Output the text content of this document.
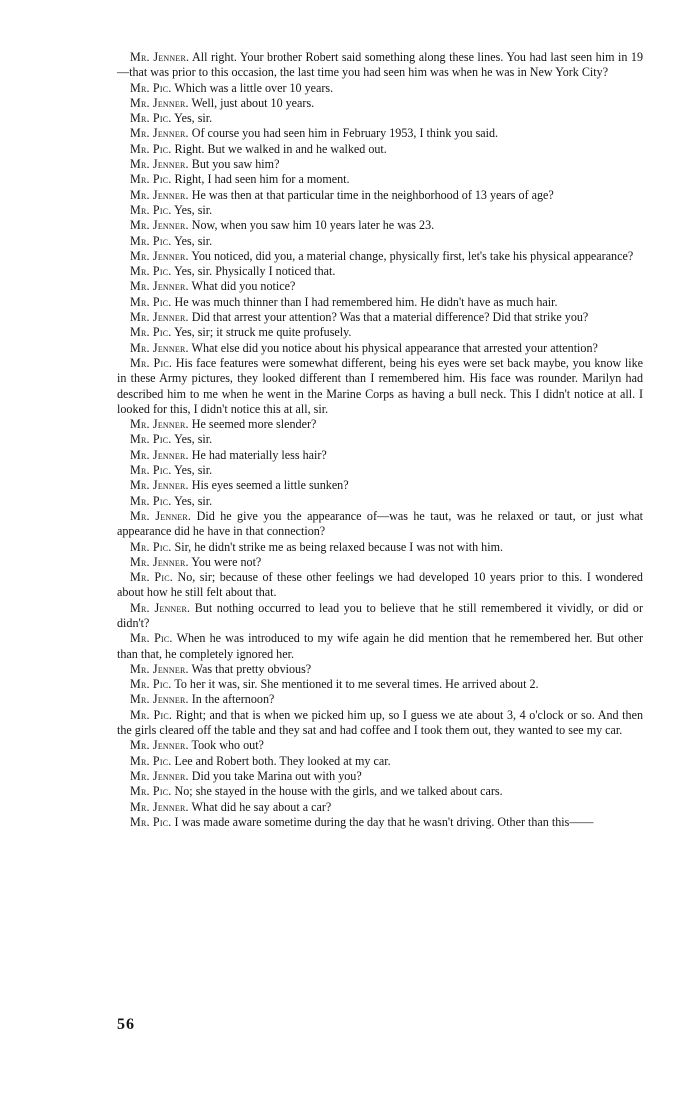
Mr. Jenner. All right. Your brother Robert said something along these lines. You had last seen him in 19—that was prior to this occasion, the last time you had seen him was when he was in New York City?

Mr. Pic. Which was a little over 10 years.

Mr. Jenner. Well, just about 10 years.

Mr. Pic. Yes, sir.

Mr. Jenner. Of course you had seen him in February 1953, I think you said.

Mr. Pic. Right. But we walked in and he walked out.

Mr. Jenner. But you saw him?

Mr. Pic. Right, I had seen him for a moment.

Mr. Jenner. He was then at that particular time in the neighborhood of 13 years of age?

Mr. Pic. Yes, sir.

Mr. Jenner. Now, when you saw him 10 years later he was 23.

Mr. Pic. Yes, sir.

Mr. Jenner. You noticed, did you, a material change, physically first, let's take his physical appearance?

Mr. Pic. Yes, sir. Physically I noticed that.

Mr. Jenner. What did you notice?

Mr. Pic. He was much thinner than I had remembered him. He didn't have as much hair.

Mr. Jenner. Did that arrest your attention? Was that a material difference? Did that strike you?

Mr. Pic. Yes, sir; it struck me quite profusely.

Mr. Jenner. What else did you notice about his physical appearance that arrested your attention?

Mr. Pic. His face features were somewhat different, being his eyes were set back maybe, you know like in these Army pictures, they looked different than I remembered him. His face was rounder. Marilyn had described him to me when he went in the Marine Corps as having a bull neck. This I didn't notice at all. I looked for this, I didn't notice this at all, sir.

Mr. Jenner. He seemed more slender?

Mr. Pic. Yes, sir.

Mr. Jenner. He had materially less hair?

Mr. Pic. Yes, sir.

Mr. Jenner. His eyes seemed a little sunken?

Mr. Pic. Yes, sir.

Mr. Jenner. Did he give you the appearance of—was he taut, was he relaxed or taut, or just what appearance did he have in that connection?

Mr. Pic. Sir, he didn't strike me as being relaxed because I was not with him.

Mr. Jenner. You were not?

Mr. Pic. No, sir; because of these other feelings we had developed 10 years prior to this. I wondered about how he still felt about that.

Mr. Jenner. But nothing occurred to lead you to believe that he still remembered it vividly, or did or didn't?

Mr. Pic. When he was introduced to my wife again he did mention that he remembered her. But other than that, he completely ignored her.

Mr. Jenner. Was that pretty obvious?

Mr. Pic. To her it was, sir. She mentioned it to me several times. He arrived about 2.

Mr. Jenner. In the afternoon?

Mr. Pic. Right; and that is when we picked him up, so I guess we ate about 3, 4 o'clock or so. And then the girls cleared off the table and they sat and had coffee and I took them out, they wanted to see my car.

Mr. Jenner. Took who out?

Mr. Pic. Lee and Robert both. They looked at my car.

Mr. Jenner. Did you take Marina out with you?

Mr. Pic. No; she stayed in the house with the girls, and we talked about cars.

Mr. Jenner. What did he say about a car?

Mr. Pic. I was made aware sometime during the day that he wasn't driving. Other than this——

56
